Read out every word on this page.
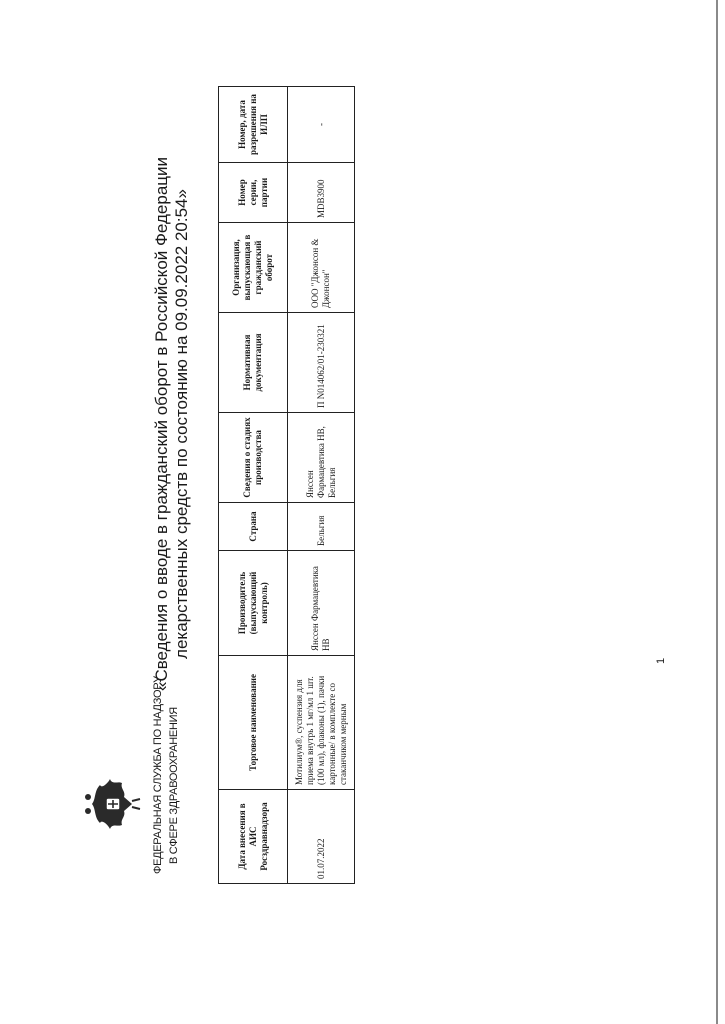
ФЕДЕРАЛЬНАЯ СЛУЖБА ПО НАДЗОРУ В СФЕРЕ ЗДРАВООХРАНЕНИЯ
«Сведения о вводе в гражданский оборот в Российской Федерации лекарственных средств по состоянию на 09.09.2022 20:54»
Дата внесения в АИС Росздравнадзора	Торговое наименование	Производитель (выпускающий контроль)	Страна	Сведения о стадиях производства	Нормативная документация	Организация, выпускающая в гражданский оборот	Номер серии, партии	Номер, дата разрешения на ИЛП
01.07.2022	Мотилиум®, суспензия для приема внутрь 1 мг/мл 1 шт. (100 мл), флаконы (1), пачки картонные/ в комплекте со стаканчиком мерным	Янссен Фармацевтика НВ	Бельгия	Янссен Фармацевтика НВ, Бельгия	П N014062/01-230321	ООО "Джонсон & Джонсон"	MDB3900	-
1
